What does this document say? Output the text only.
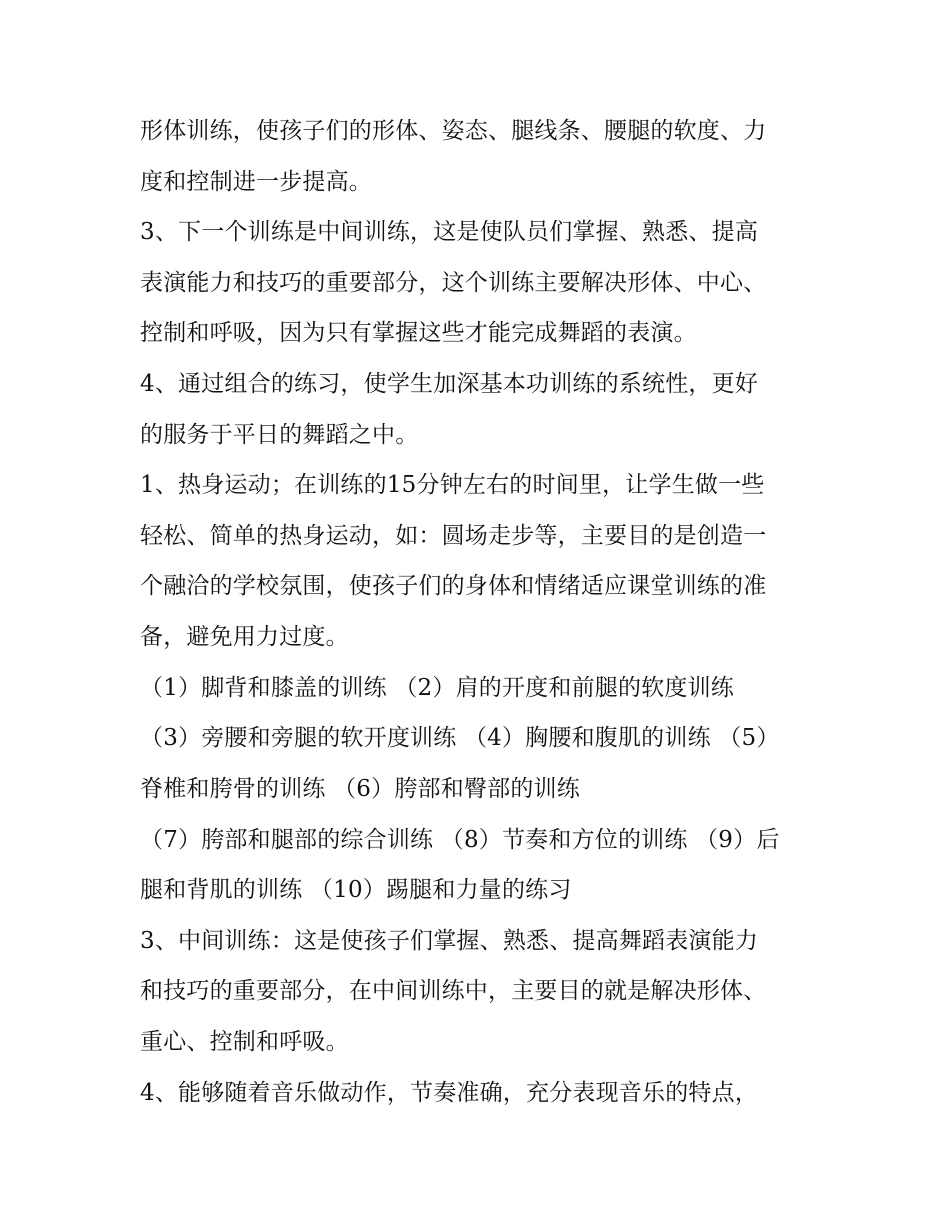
形体训练，使孩子们的形体、姿态、腿线条、腰腿的软度、力
度和控制进一步提高。
3、下一个训练是中间训练，这是使队员们掌握、熟悉、提高
表演能力和技巧的重要部分，这个训练主要解决形体、中心、
控制和呼吸，因为只有掌握这些才能完成舞蹈的表演。
4、通过组合的练习，使学生加深基本功训练的系统性，更好
的服务于平日的舞蹈之中。
1、热身运动；在训练的15分钟左右的时间里，让学生做一些
轻松、简单的热身运动，如：圆场走步等，主要目的是创造一
个融洽的学校氛围，使孩子们的身体和情绪适应课堂训练的准
备，避免用力过度。
（1）脚背和膝盖的训练 （2）肩的开度和前腿的软度训练
（3）旁腰和旁腿的软开度训练 （4）胸腰和腹肌的训练 （5）
脊椎和胯骨的训练 （6）胯部和臀部的训练
（7）胯部和腿部的综合训练 （8）节奏和方位的训练 （9）后
腿和背肌的训练 （10）踢腿和力量的练习
3、中间训练：这是使孩子们掌握、熟悉、提高舞蹈表演能力
和技巧的重要部分，在中间训练中，主要目的就是解决形体、
重心、控制和呼吸。
4、能够随着音乐做动作，节奏准确，充分表现音乐的特点，
